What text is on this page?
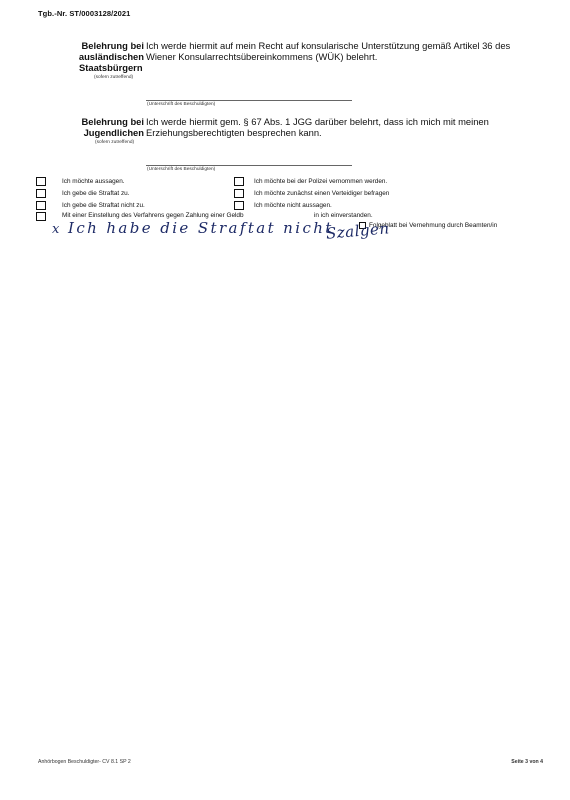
Tgb.-Nr. ST/0003128/2021
Belehrung bei
ausländischen
Staatsbürgern
(sofern zutreffend)
Ich werde hiermit auf mein Recht auf konsularische Unterstützung gemäß Artikel 36 des
Wiener Konsularrechtsübereinkommens (WÜK) belehrt.
(Unterschrift des Beschuldigten)
Belehrung bei
Jugendlichen
(sofern zutreffend)
Ich werde hiermit gem. § 67 Abs. 1 JGG darüber belehrt, dass ich mich mit meinen
Erziehungsberechtigten besprechen kann.
(Unterschrift des Beschuldigten)
Ich möchte aussagen.
Ich gebe die Straftat zu.
Ich gebe die Straftat nicht zu.
Ich möchte bei der Polizei vernommen werden.
Ich möchte zunächst einen Verteidiger befragen
Ich möchte nicht aussagen.
Mit einer Einstellung des Verfahrens gegen Zahlung einer Geldb	in ich einverstanden.
Folgeblatt bei Vernehmung durch Beamten/in
x Ich habe die Straftat nicht
Szalgen
Anhörbogen Beschuldigter- CV 8.1 SP 2	Seite 3 von 4
